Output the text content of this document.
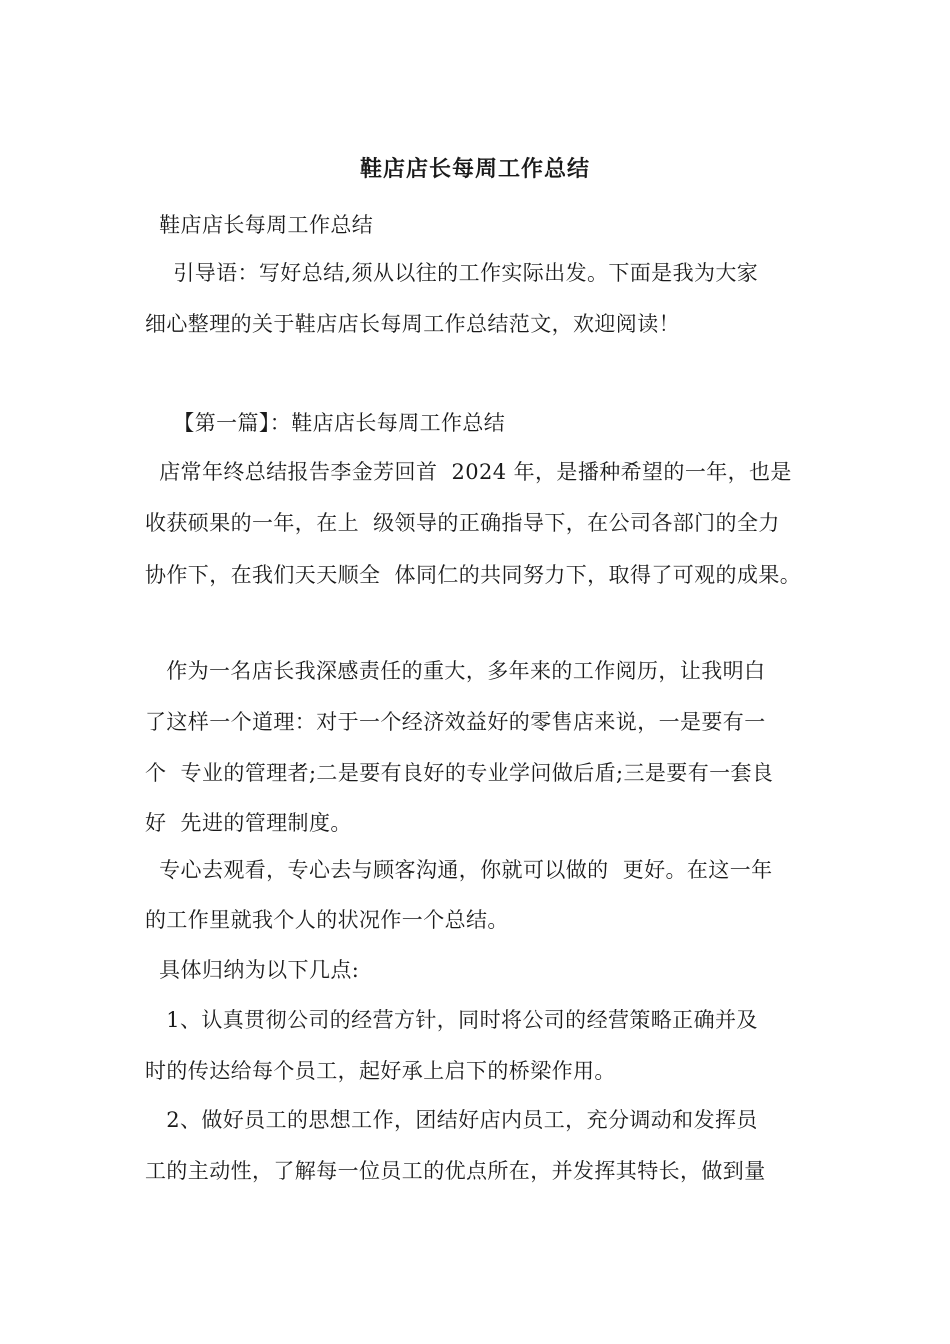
鞋店店长每周工作总结
鞋店店长每周工作总结
引导语：写好总结,须从以往的工作实际出发。下面是我为大家
细心整理的关于鞋店店长每周工作总结范文，欢迎阅读！
【第一篇】：鞋店店长每周工作总结
店常年终总结报告李金芳回首  2024 年，是播种希望的一年，也是
收获硕果的一年，在上  级领导的正确指导下，在公司各部门的全力
协作下，在我们天天顺全  体同仁的共同努力下，取得了可观的成果。
作为一名店长我深感责任的重大，多年来的工作阅历，让我明白
了这样一个道理：对于一个经济效益好的零售店来说，一是要有一
个  专业的管理者;二是要有良好的专业学问做后盾;三是要有一套良
好  先进的管理制度。
专心去观看，专心去与顾客沟通，你就可以做的  更好。在这一年
的工作里就我个人的状况作一个总结。
具体归纳为以下几点:
1、认真贯彻公司的经营方针，同时将公司的经营策略正确并及
时的传达给每个员工，起好承上启下的桥梁作用。
2、做好员工的思想工作，团结好店内员工，充分调动和发挥员
工的主动性，了解每一位员工的优点所在，并发挥其特长，做到量
